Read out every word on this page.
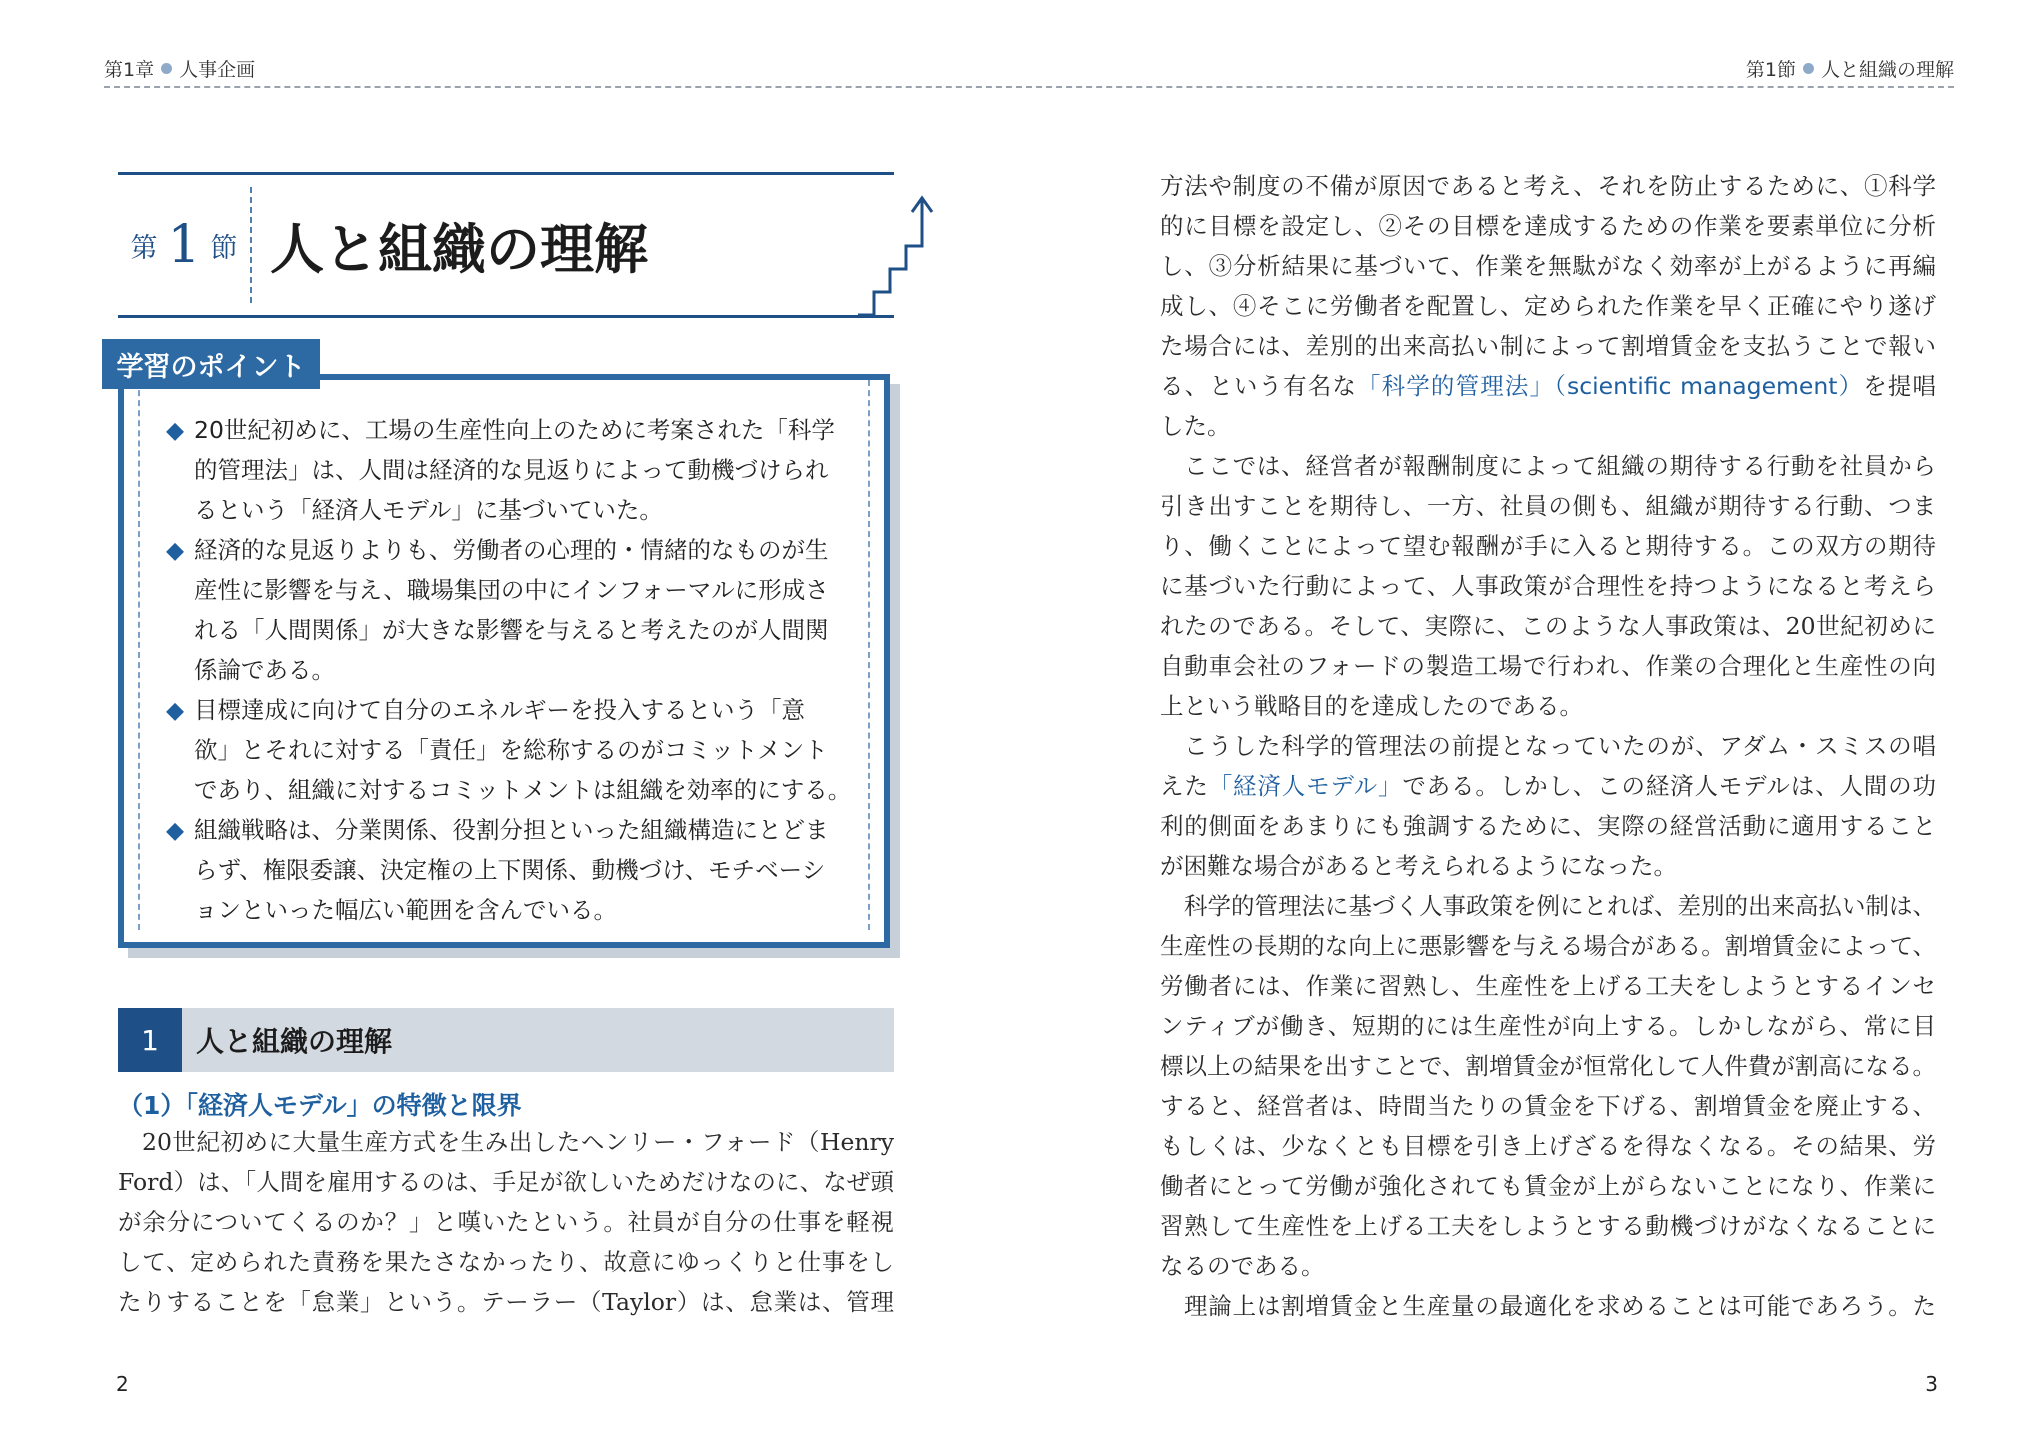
第1章 人事企画	第1節 人と組織の理解
第 1 節 人と組織の理解
学習のポイント
◆ 20世紀初めに、工場の生産性向上のために考案された「科学
的管理法」は、人間は経済的な見返りによって動機づけられ
るという「経済人モデル」に基づいていた。
◆ 経済的な見返りよりも、労働者の心理的・情緒的なものが生
産性に影響を与え、職場集団の中にインフォーマルに形成さ
れる「人間関係」が大きな影響を与えると考えたのが人間関
係論である。
◆ 目標達成に向けて自分のエネルギーを投入するという「意
欲」とそれに対する「責任」を総称するのがコミットメント
であり、組織に対するコミットメントは組織を効率的にする。
◆ 組織戦略は、分業関係、役割分担といった組織構造にとどま
らず、権限委譲、決定権の上下関係、動機づけ、モチベーシ
ョンといった幅広い範囲を含んでいる。
1	人と組織の理解
（1）「経済人モデル」の特徴と限界
20世紀初めに大量生産方式を生み出したヘンリー・フォード（Henry
Ford）は、「人間を雇用するのは、手足が欲しいためだけなのに、なぜ頭
が余分についてくるのか？」と嘆いたという。社員が自分の仕事を軽視
して、定められた責務を果たさなかったり、故意にゆっくりと仕事をし
たりすることを「怠業」という。テーラー（Taylor）は、怠業は、管理
方法や制度の不備が原因であると考え、それを防止するために、①科学
的に目標を設定し、②その目標を達成するための作業を要素単位に分析
し、③分析結果に基づいて、作業を無駄がなく効率が上がるように再編
成し、④そこに労働者を配置し、定められた作業を早く正確にやり遂げ
た場合には、差別的出来高払い制によって割増賃金を支払うことで報い
る、という有名な「科学的管理法」（scientific management）を提唱
した。
ここでは、経営者が報酬制度によって組織の期待する行動を社員から
引き出すことを期待し、一方、社員の側も、組織が期待する行動、つま
り、働くことによって望む報酬が手に入ると期待する。この双方の期待
に基づいた行動によって、人事政策が合理性を持つようになると考えら
れたのである。そして、実際に、このような人事政策は、20世紀初めに
自動車会社のフォードの製造工場で行われ、作業の合理化と生産性の向
上という戦略目的を達成したのである。
こうした科学的管理法の前提となっていたのが、アダム・スミスの唱
えた「経済人モデル」である。しかし、この経済人モデルは、人間の功
利的側面をあまりにも強調するために、実際の経営活動に適用すること
が困難な場合があると考えられるようになった。
科学的管理法に基づく人事政策を例にとれば、差別的出来高払い制は、
生産性の長期的な向上に悪影響を与える場合がある。割増賃金によって、
労働者には、作業に習熟し、生産性を上げる工夫をしようとするインセ
ンティブが働き、短期的には生産性が向上する。しかしながら、常に目
標以上の結果を出すことで、割増賃金が恒常化して人件費が割高になる。
すると、経営者は、時間当たりの賃金を下げる、割増賃金を廃止する、
もしくは、少なくとも目標を引き上げざるを得なくなる。その結果、労
働者にとって労働が強化されても賃金が上がらないことになり、作業に
習熟して生産性を上げる工夫をしようとする動機づけがなくなることに
なるのである。
理論上は割増賃金と生産量の最適化を求めることは可能であろう。た
2	3
